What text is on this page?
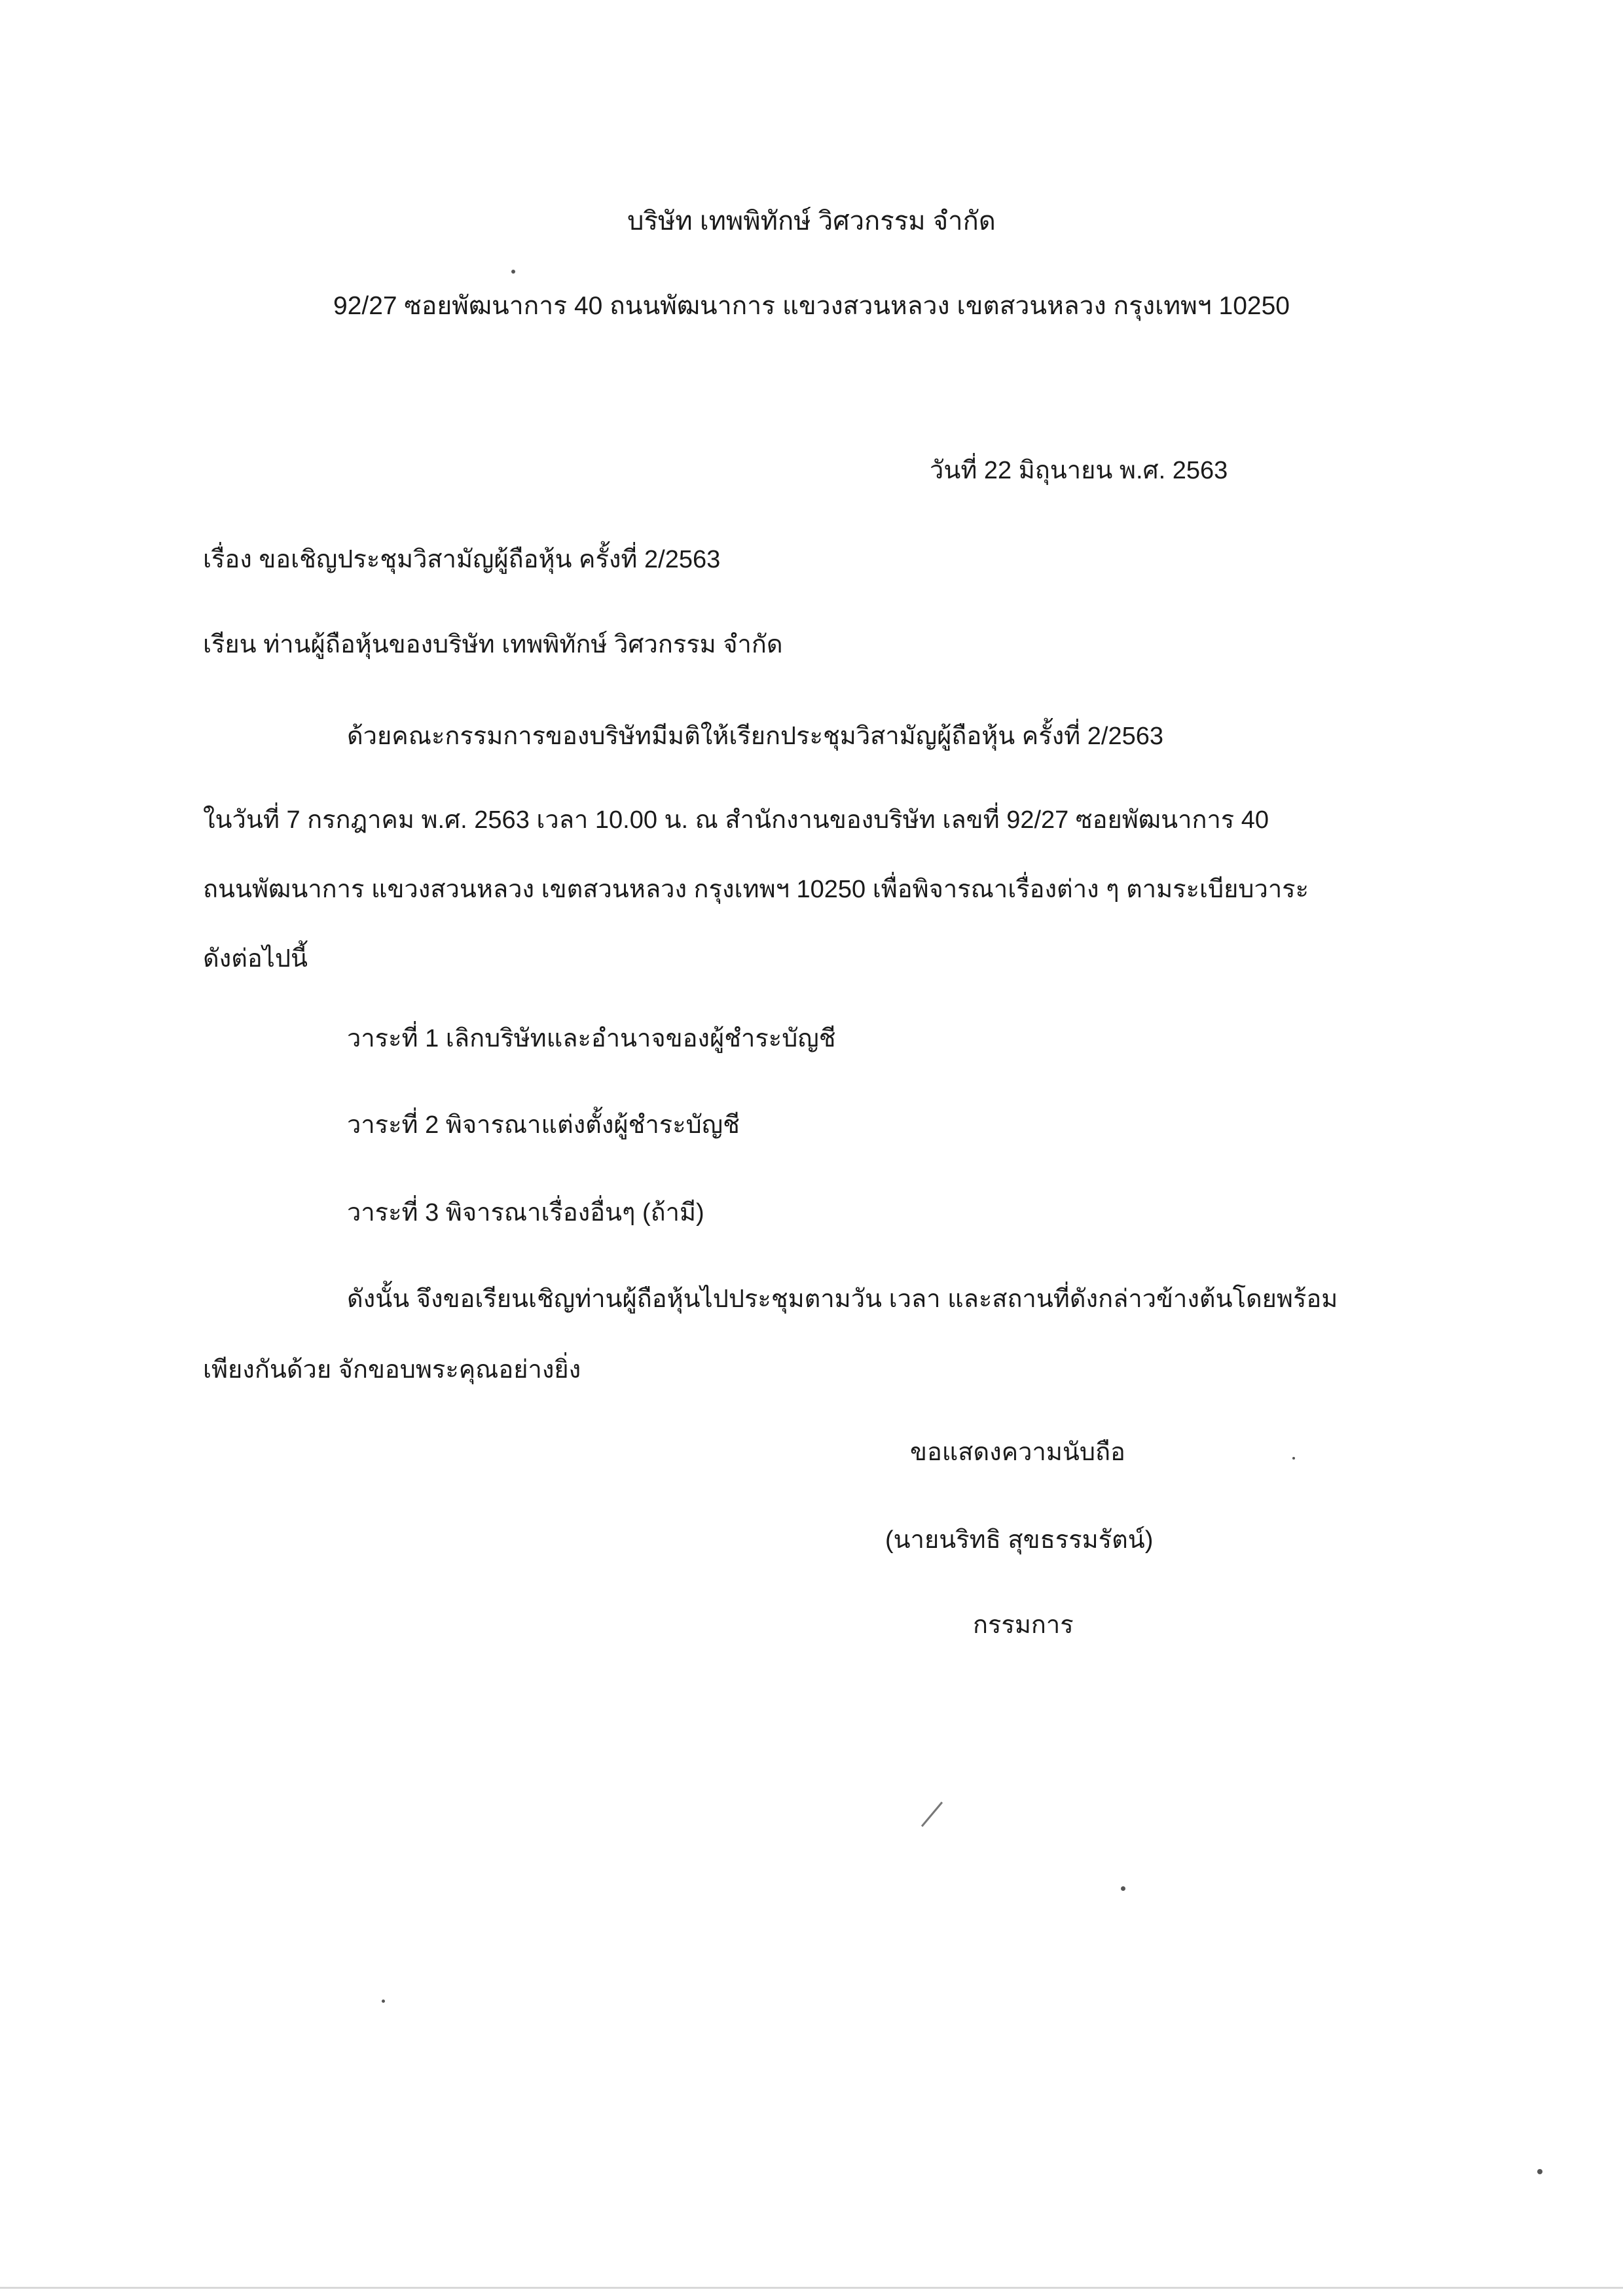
บริษัท เทพพิทักษ์ วิศวกรรม จำกัด
92/27 ซอยพัฒนาการ 40 ถนนพัฒนาการ แขวงสวนหลวง เขตสวนหลวง กรุงเทพฯ 10250
วันที่ 22 มิถุนายน พ.ศ. 2563
เรื่อง ขอเชิญประชุมวิสามัญผู้ถือหุ้น ครั้งที่ 2/2563
เรียน ท่านผู้ถือหุ้นของบริษัท เทพพิทักษ์ วิศวกรรม จำกัด
ด้วยคณะกรรมการของบริษัทมีมติให้เรียกประชุมวิสามัญผู้ถือหุ้น ครั้งที่ 2/2563
ในวันที่ 7 กรกฎาคม พ.ศ. 2563 เวลา 10.00 น. ณ สำนักงานของบริษัท เลขที่ 92/27 ซอยพัฒนาการ 40
ถนนพัฒนาการ แขวงสวนหลวง เขตสวนหลวง กรุงเทพฯ 10250 เพื่อพิจารณาเรื่องต่าง ๆ ตามระเบียบวาระ
ดังต่อไปนี้
วาระที่ 1 เลิกบริษัทและอำนาจของผู้ชำระบัญชี
วาระที่ 2 พิจารณาแต่งตั้งผู้ชำระบัญชี
วาระที่ 3 พิจารณาเรื่องอื่นๆ (ถ้ามี)
ดังนั้น จึงขอเรียนเชิญท่านผู้ถือหุ้นไปประชุมตามวัน เวลา และสถานที่ดังกล่าวข้างต้นโดยพร้อม
เพียงกันด้วย จักขอบพระคุณอย่างยิ่ง
ขอแสดงความนับถือ
(นายนริทธิ สุขธรรมรัตน์)
กรรมการ
